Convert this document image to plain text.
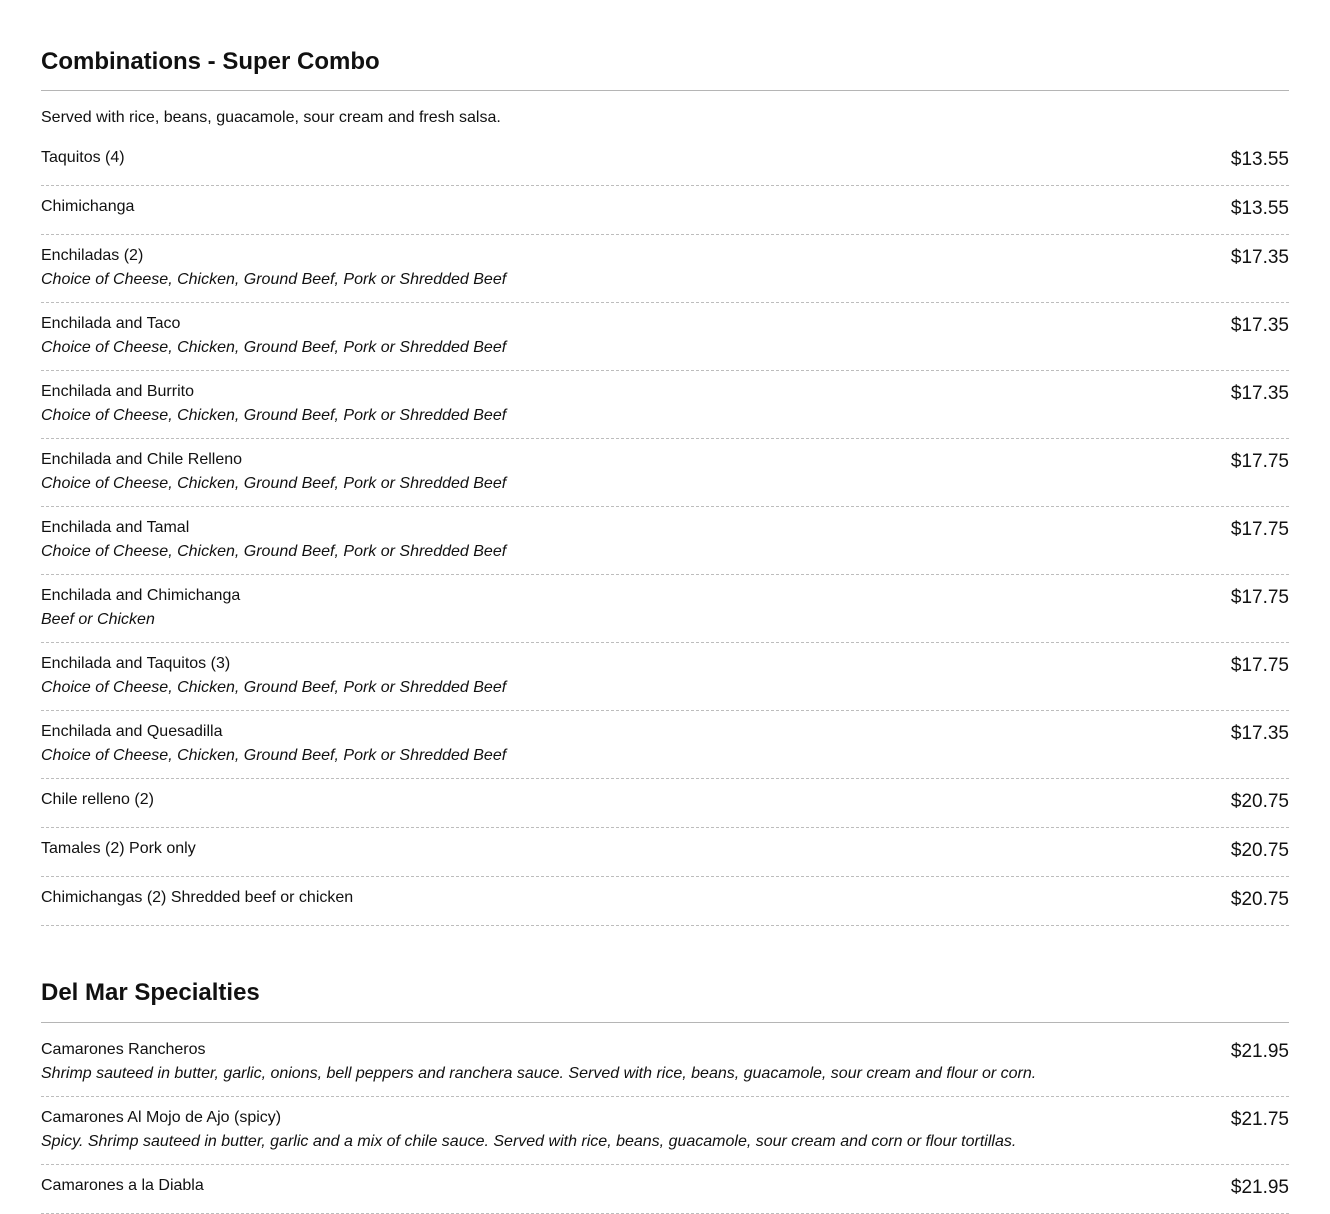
Combinations - Super Combo

Served with rice, beans, guacamole, sour cream and fresh salsa.

Taquitos (4)	$13.55
Chimichanga	$13.55
Enchiladas (2)
Choice of Cheese, Chicken, Ground Beef, Pork or Shredded Beef
$17.35
Enchilada and Taco
Choice of Cheese, Chicken, Ground Beef, Pork or Shredded Beef
$17.35
Enchilada and Burrito
Choice of Cheese, Chicken, Ground Beef, Pork or Shredded Beef
$17.35
Enchilada and Chile Relleno
Choice of Cheese, Chicken, Ground Beef, Pork or Shredded Beef
$17.75
Enchilada and Tamal
Choice of Cheese, Chicken, Ground Beef, Pork or Shredded Beef
$17.75
Enchilada and Chimichanga
Beef or Chicken
$17.75
Enchilada and Taquitos (3)
Choice of Cheese, Chicken, Ground Beef, Pork or Shredded Beef
$17.75
Enchilada and Quesadilla
Choice of Cheese, Chicken, Ground Beef, Pork or Shredded Beef
$17.35
Chile relleno (2)	$20.75
Tamales (2) Pork only	$20.75
Chimichangas (2) Shredded beef or chicken	$20.75
Del Mar Specialties
Camarones Rancheros
Shrimp sauteed in butter, garlic, onions, bell peppers and ranchera sauce. Served with rice, beans, guacamole, sour cream and flour or corn.
$21.95
Camarones Al Mojo de Ajo (spicy)
Spicy. Shrimp sauteed in butter, garlic and a mix of chile sauce. Served with rice, beans, guacamole, sour cream and corn or flour tortillas.
$21.75
Camarones a la Diabla	$21.95
